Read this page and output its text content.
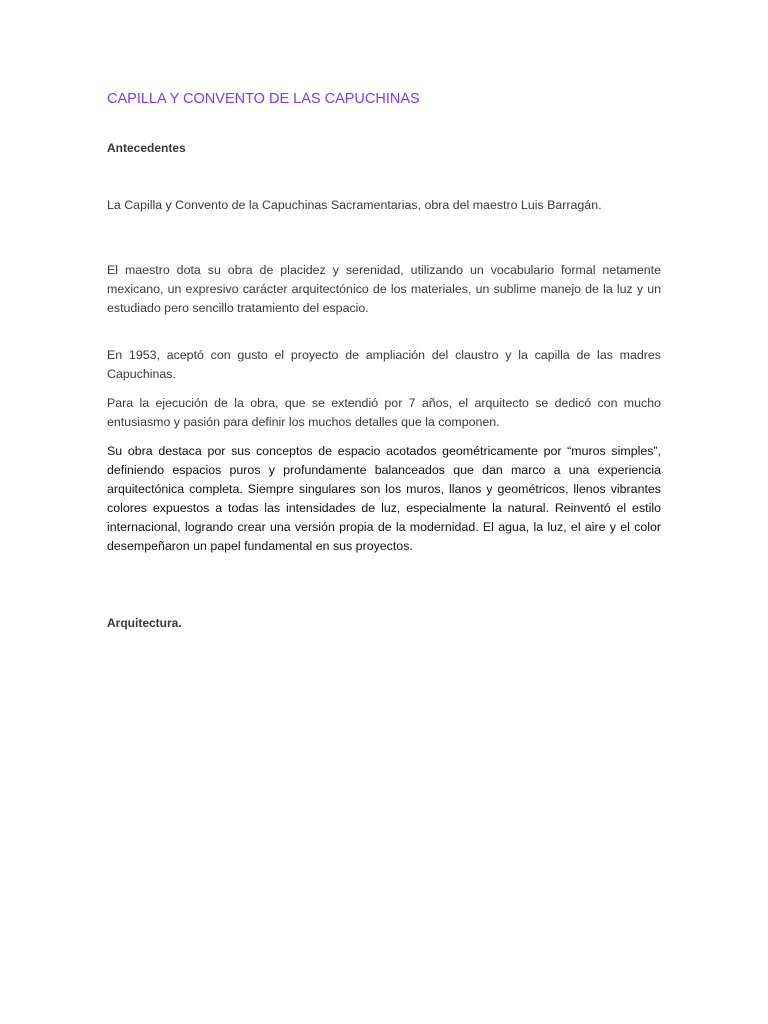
CAPILLA Y CONVENTO DE LAS CAPUCHINAS
Antecedentes

La Capilla y Convento de la Capuchinas Sacramentarias, obra del maestro Luis Barragán.

El maestro dota su obra de placidez y serenidad, utilizando un vocabulario formal netamente mexicano, un expresivo carácter arquitectónico de los materiales, un sublime manejo de la luz y un estudiado pero sencillo tratamiento del espacio.

En 1953, aceptó con gusto el proyecto de ampliación del claustro y la capilla de las madres Capuchinas.

Para la ejecución de la obra, que se extendió por 7 años, el arquitecto se dedicó con mucho entusiasmo y pasión para definir los muchos detalles que la componen.

Su obra destaca por sus conceptos de espacio acotados geométricamente por “muros simples”, definiendo espacios puros y profundamente balanceados que dan marco a una experiencia arquitectónica completa. Siempre singulares son los muros, llanos y geométricos, llenos vibrantes colores expuestos a todas las intensidades de luz, especialmente la natural. Reinventó el estilo internacional, logrando crear una versión propia de la modernidad. El agua, la luz, el aire y el color desempeñaron un papel fundamental en sus proyectos.

Arquitectura.
